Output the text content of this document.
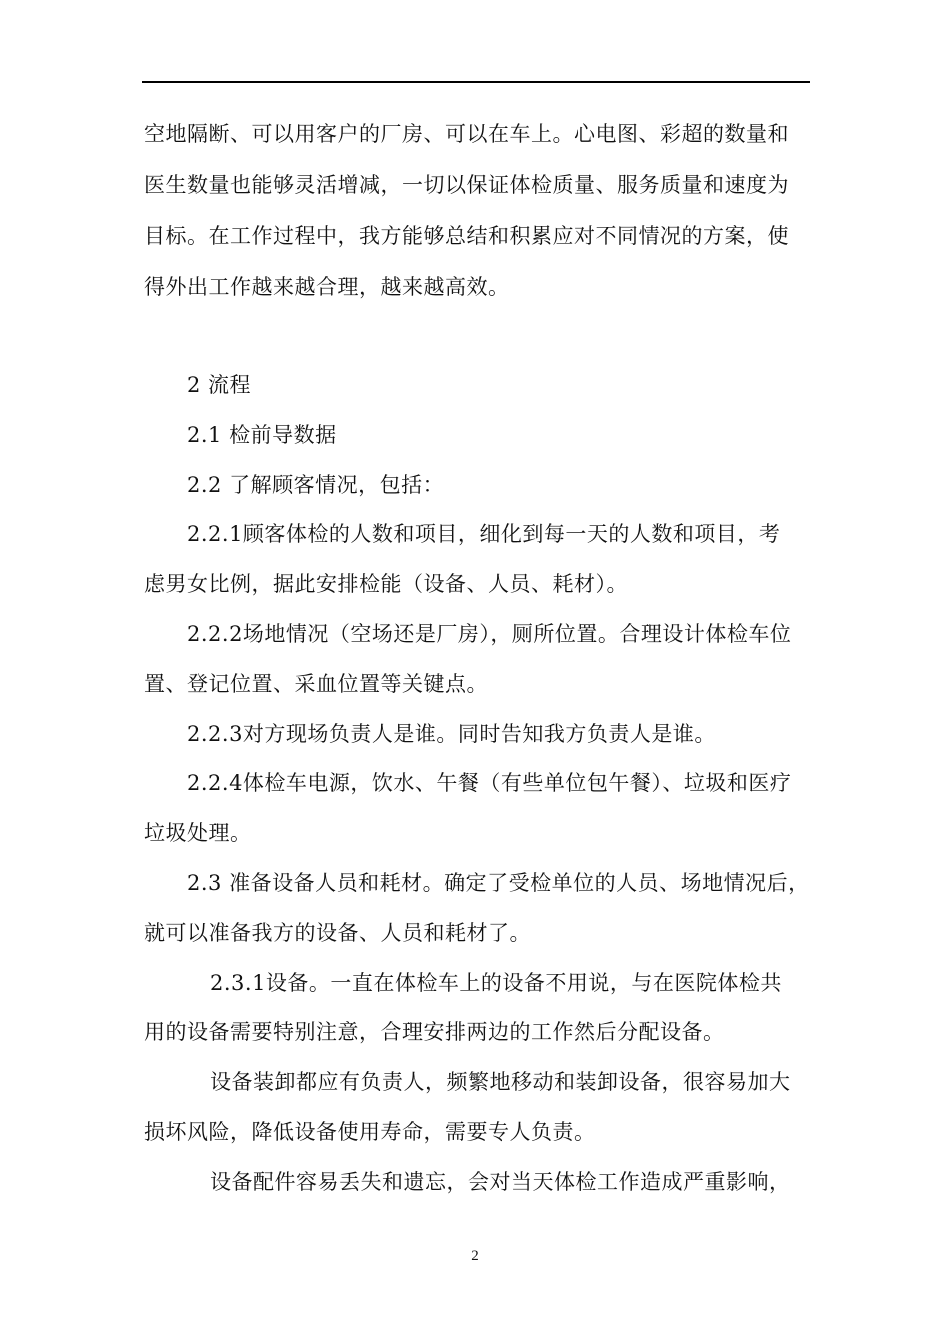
空地隔断、可以用客户的厂房、可以在车上。心电图、彩超的数量和
医生数量也能够灵活增减，一切以保证体检质量、服务质量和速度为
目标。在工作过程中，我方能够总结和积累应对不同情况的方案，使
得外出工作越来越合理，越来越高效。
2 流程
2.1 检前导数据
2.2 了解顾客情况，包括：
2.2.1顾客体检的人数和项目，细化到每一天的人数和项目，考
虑男女比例，据此安排检能（设备、人员、耗材）。
2.2.2场地情况（空场还是厂房），厕所位置。合理设计体检车位
置、登记位置、采血位置等关键点。
2.2.3对方现场负责人是谁。同时告知我方负责人是谁。
2.2.4体检车电源，饮水、午餐（有些单位包午餐）、垃圾和医疗
垃圾处理。
2.3 准备设备人员和耗材。确定了受检单位的人员、场地情况后，
就可以准备我方的设备、人员和耗材了。
2.3.1设备。一直在体检车上的设备不用说，与在医院体检共
用的设备需要特别注意，合理安排两边的工作然后分配设备。
设备装卸都应有负责人，频繁地移动和装卸设备，很容易加大
损坏风险，降低设备使用寿命，需要专人负责。
设备配件容易丢失和遗忘，会对当天体检工作造成严重影响，
2
